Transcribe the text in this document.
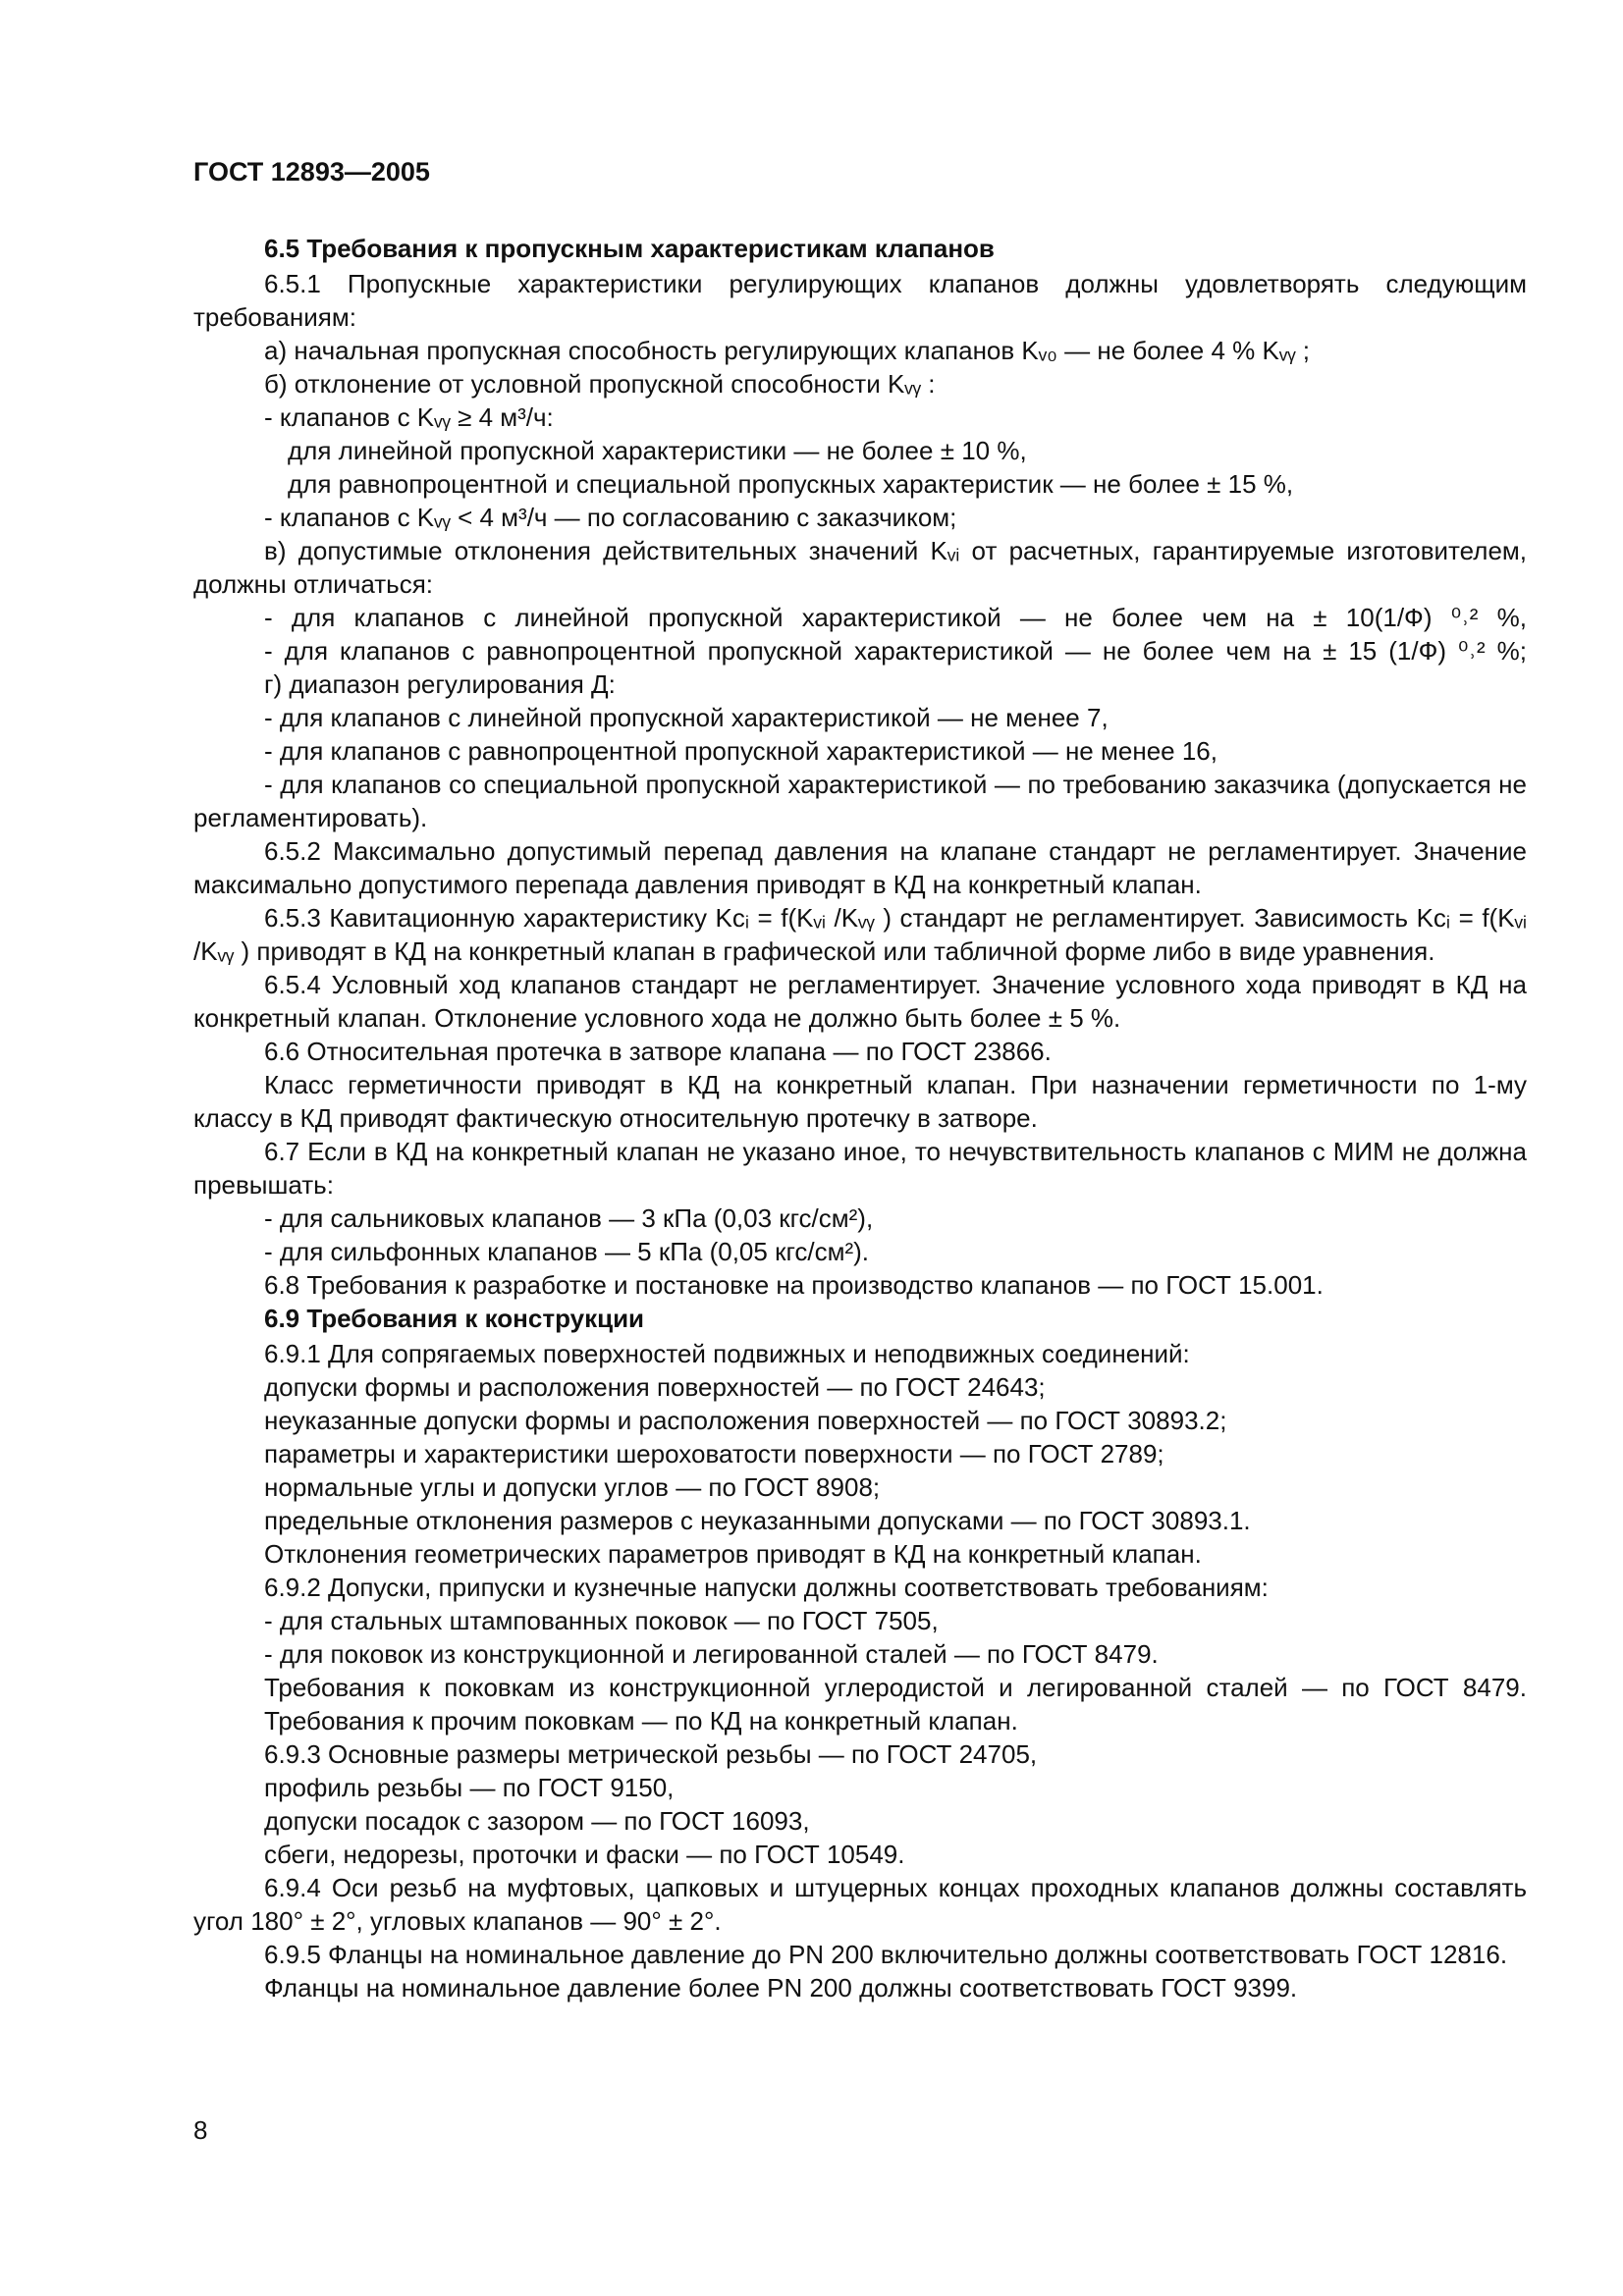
ГОСТ 12893—2005
6.5 Требования к пропускным характеристикам клапанов
6.5.1 Пропускные характеристики регулирующих клапанов должны удовлетворять следующим требованиям:
а) начальная пропускная способность регулирующих клапанов Kᵥ₀ — не более 4 % Kᵥᵧ ;
б) отклонение от условной пропускной способности Kᵥᵧ :
- клапанов с Kᵥᵧ ≥ 4 м³/ч:
для линейной пропускной характеристики — не более ± 10 %,
для равнопроцентной и специальной пропускных характеристик — не более ± 15 %,
- клапанов с Kᵥᵧ < 4 м³/ч — по согласованию с заказчиком;
в) допустимые отклонения действительных значений Kᵥᵢ от расчетных, гарантируемые изготовителем, должны отличаться:
- для клапанов с линейной пропускной характеристикой — не более чем на ± 10(1/Ф) ⁰˒² %,
- для клапанов с равнопроцентной пропускной характеристикой — не более чем на ± 15 (1/Ф) ⁰˒² %;
г) диапазон регулирования Д:
- для клапанов с линейной пропускной характеристикой — не менее 7,
- для клапанов с равнопроцентной пропускной характеристикой — не менее 16,
- для клапанов со специальной пропускной характеристикой — по требованию заказчика (допускается не регламентировать).
6.5.2 Максимально допустимый перепад давления на клапане стандарт не регламентирует. Значение максимально допустимого перепада давления приводят в КД на конкретный клапан.
6.5.3 Кавитационную характеристику Kcᵢ = f(Kᵥᵢ /Kᵥᵧ ) стандарт не регламентирует. Зависимость Kcᵢ = f(Kᵥᵢ /Kᵥᵧ ) приводят в КД на конкретный клапан в графической или табличной форме либо в виде уравнения.
6.5.4 Условный ход клапанов стандарт не регламентирует. Значение условного хода приводят в КД на конкретный клапан. Отклонение условного хода не должно быть более ± 5 %.
6.6 Относительная протечка в затворе клапана — по ГОСТ 23866.
Класс герметичности приводят в КД на конкретный клапан. При назначении герметичности по 1-му классу в КД приводят фактическую относительную протечку в затворе.
6.7 Если в КД на конкретный клапан не указано иное, то нечувствительность клапанов с МИМ не должна превышать:
- для сальниковых клапанов — 3 кПа (0,03 кгс/см²),
- для сильфонных клапанов — 5 кПа (0,05 кгс/см²).
6.8 Требования к разработке и постановке на производство клапанов — по ГОСТ 15.001.
6.9 Требования к конструкции
6.9.1 Для сопрягаемых поверхностей подвижных и неподвижных соединений:
допуски формы и расположения поверхностей — по ГОСТ 24643;
неуказанные допуски формы и расположения поверхностей — по ГОСТ 30893.2;
параметры и характеристики шероховатости поверхности — по ГОСТ 2789;
нормальные углы и допуски углов — по ГОСТ 8908;
предельные отклонения размеров с неуказанными допусками — по ГОСТ 30893.1.
Отклонения геометрических параметров приводят в КД на конкретный клапан.
6.9.2 Допуски, припуски и кузнечные напуски должны соответствовать требованиям:
- для стальных штампованных поковок — по ГОСТ 7505,
- для поковок из конструкционной и легированной сталей — по ГОСТ 8479.
Требования к поковкам из конструкционной углеродистой и легированной сталей — по ГОСТ 8479.
Требования к прочим поковкам — по КД на конкретный клапан.
6.9.3 Основные размеры метрической резьбы — по ГОСТ 24705,
профиль резьбы — по ГОСТ 9150,
допуски посадок с зазором — по ГОСТ 16093,
сбеги, недорезы, проточки и фаски — по ГОСТ 10549.
6.9.4 Оси резьб на муфтовых, цапковых и штуцерных концах проходных клапанов должны составлять угол 180° ± 2°, угловых клапанов — 90° ± 2°.
6.9.5 Фланцы на номинальное давление до PN 200 включительно должны соответствовать ГОСТ 12816.
Фланцы на номинальное давление более PN 200 должны соответствовать ГОСТ 9399.
8
